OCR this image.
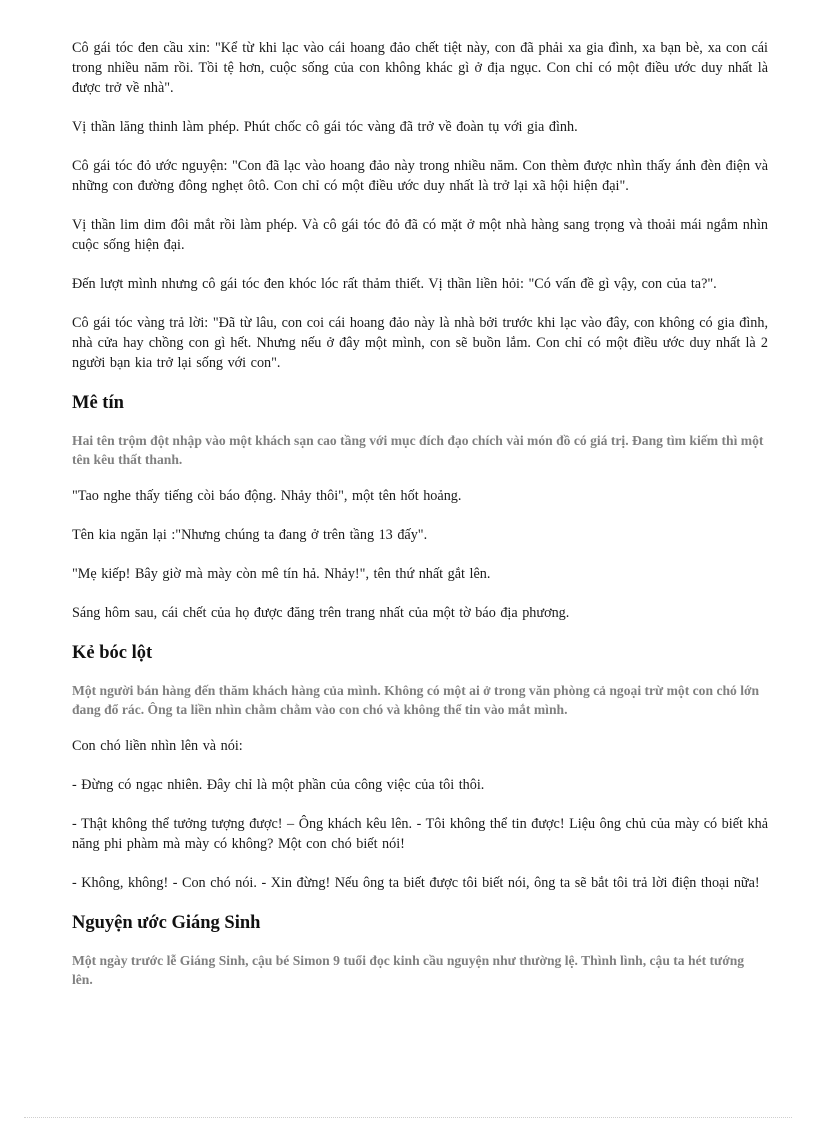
Cô gái tóc đen cầu xin: "Kể từ khi lạc vào cái hoang đảo chết tiệt này, con đã phải xa gia đình, xa bạn bè, xa con cái trong nhiều năm rồi. Tồi tệ hơn, cuộc sống của con không khác gì ở địa ngục. Con chỉ có một điều ước duy nhất là được trở về nhà".

Vị thần lăng thinh làm phép. Phút chốc cô gái tóc vàng đã trở về đoàn tụ với gia đình.

Cô gái tóc đỏ ước nguyện: "Con đã lạc vào hoang đảo này trong nhiều năm. Con thèm được nhìn thấy ánh đèn điện và những con đường đông nghẹt ôtô. Con chỉ có một điều ước duy nhất là trở lại xã hội hiện đại".

Vị thần lim dim đôi mắt rồi làm phép. Và cô gái tóc đỏ đã có mặt ở một nhà hàng sang trọng và thoải mái ngắm nhìn cuộc sống hiện đại.

Đến lượt mình nhưng cô gái tóc đen khóc lóc rất thảm thiết. Vị thần liền hỏi: "Có vấn đề gì vậy, con của ta?".

Cô gái tóc vàng trả lời: "Đã từ lâu, con coi cái hoang đảo này là nhà bởi trước khi lạc vào đây, con không có gia đình, nhà cửa hay chồng con gì hết. Nhưng nếu ở đây một mình, con sẽ buồn lắm. Con chỉ có một điều ước duy nhất là 2 người bạn kia trở lại sống với con".

Mê tín

Hai tên trộm đột nhập vào một khách sạn cao tầng với mục đích đạo chích vài món đồ có giá trị. Đang tìm kiếm thì một tên kêu thất thanh.

"Tao nghe thấy tiếng còi báo động. Nhảy thôi", một tên hốt hoảng.

Tên kia ngăn lại :"Nhưng chúng ta đang ở trên tầng 13 đấy".

"Mẹ kiếp! Bây giờ mà mày còn mê tín hả. Nhảy!", tên thứ nhất gắt lên.

Sáng hôm sau, cái chết của họ được đăng trên trang nhất của một tờ báo địa phương.

Kẻ bóc lột

Một người bán hàng đến thăm khách hàng của mình. Không có một ai ở trong văn phòng cả ngoại trừ một con chó lớn đang đổ rác. Ông ta liền nhìn chằm chằm vào con chó và không thể tin vào mắt mình.

Con chó liền nhìn lên và nói:

- Đừng có ngạc nhiên. Đây chỉ là một phần của công việc của tôi thôi.

- Thật không thể tưởng tượng được! – Ông khách kêu lên. - Tôi không thể tin được! Liệu ông chủ của mày có biết khả năng phi phàm mà mày có không? Một con chó biết nói!

- Không, không! - Con chó nói. - Xin đừng! Nếu ông ta biết được tôi biết nói, ông ta sẽ bắt tôi trả lời điện thoại nữa!

Nguyện ước Giáng Sinh

Một ngày trước lễ Giáng Sinh, cậu bé Simon 9 tuổi đọc kinh cầu nguyện như thường lệ. Thình lình, cậu ta hét tướng lên.
